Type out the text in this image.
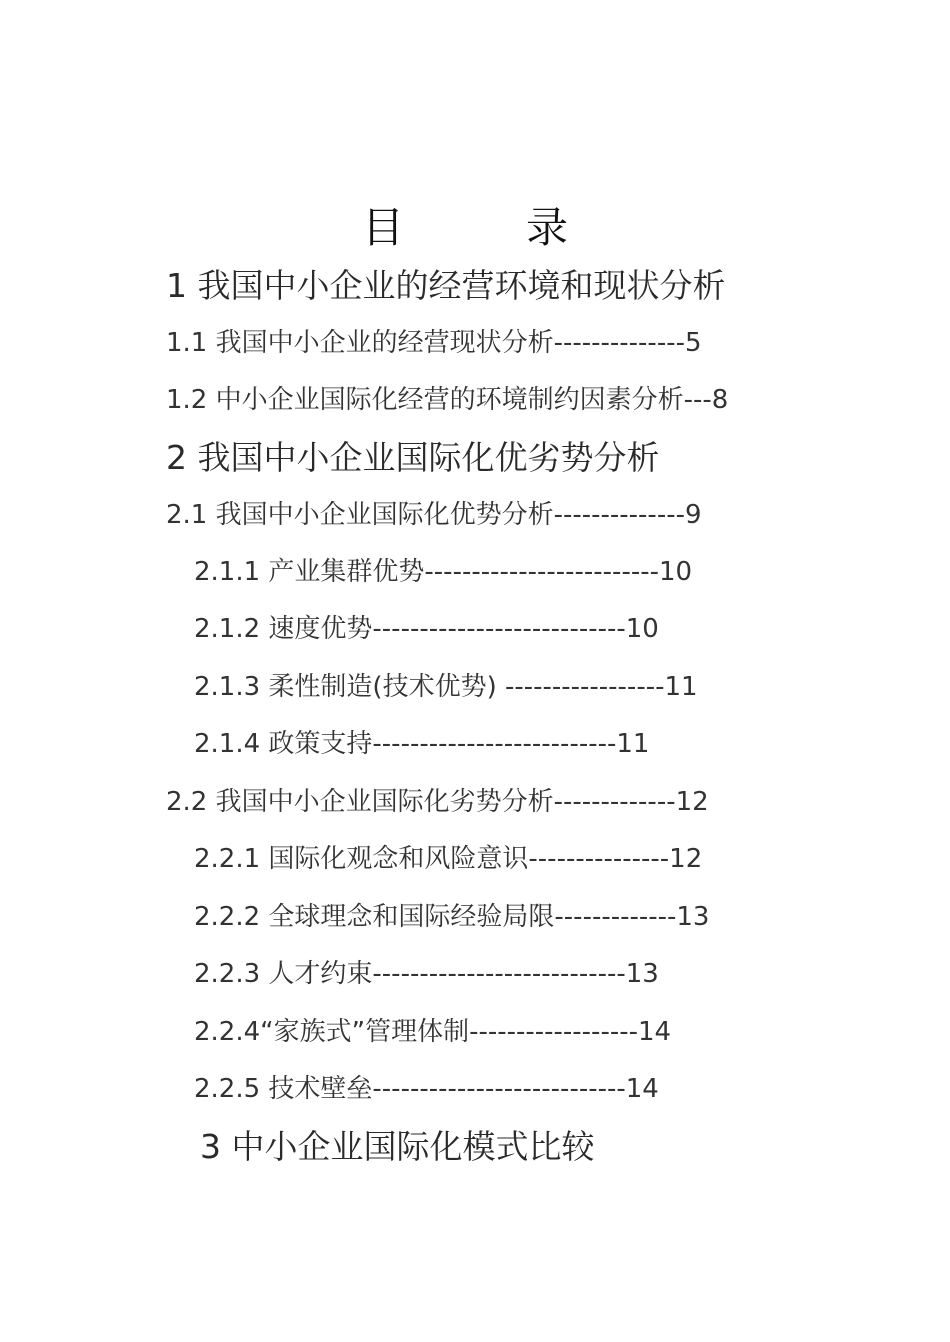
目　录
1 我国中小企业的经营环境和现状分析
1.1 我国中小企业的经营现状分析--------------5
1.2 中小企业国际化经营的环境制约因素分析---8
2 我国中小企业国际化优劣势分析
2.1 我国中小企业国际化优势分析--------------9
2.1.1 产业集群优势-------------------------10
2.1.2 速度优势---------------------------10
2.1.3 柔性制造(技术优势) -----------------11
2.1.4 政策支持--------------------------11
2.2 我国中小企业国际化劣势分析-------------12
2.2.1 国际化观念和风险意识---------------12
2.2.2 全球理念和国际经验局限-------------13
2.2.3 人才约束---------------------------13
2.2.4“家族式”管理体制------------------14
2.2.5 技术壁垒---------------------------14
3 中小企业国际化模式比较
